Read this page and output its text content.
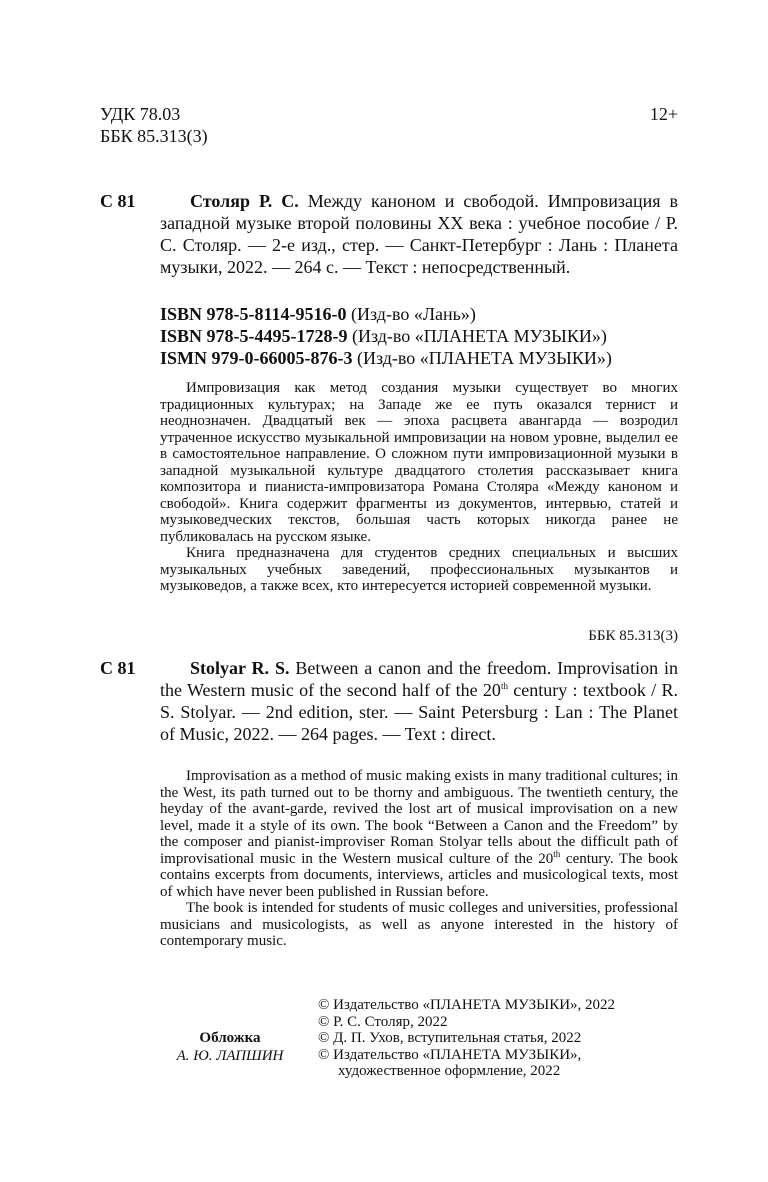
УДК 78.03
ББК 85.313(3)
12+
С 81	Столяр Р. С. Между каноном и свободой. Импровизация в западной музыке второй половины XX века : учебное пособие / Р. С. Столяр. — 2-е изд., стер. — Санкт-Петербург : Лань : Планета музыки, 2022. — 264 с. — Текст : непосредственный.
ISBN 978-5-8114-9516-0 (Изд-во «Лань»)
ISBN 978-5-4495-1728-9 (Изд-во «ПЛАНЕТА МУЗЫКИ»)
ISMN 979-0-66005-876-3 (Изд-во «ПЛАНЕТА МУЗЫКИ»)
Импровизация как метод создания музыки существует во многих традиционных культурах; на Западе же ее путь оказался тернист и неоднозначен. Двадцатый век — эпоха расцвета авангарда — возродил утраченное искусство музыкальной импровизации на новом уровне, выделил ее в самостоятельное направление. О сложном пути импровизационной музыки в западной музыкальной культуре двадцатого столетия рассказывает книга композитора и пианиста-импровизатора Романа Столяра «Между каноном и свободой». Книга содержит фрагменты из документов, интервью, статей и музыковедческих текстов, большая часть которых никогда ранее не публиковалась на русском языке.
Книга предназначена для студентов средних специальных и высших музыкальных учебных заведений, профессиональных музыкантов и музыковедов, а также всех, кто интересуется историей современной музыки.
ББК 85.313(3)
С 81	Stolyar R. S. Between a canon and the freedom. Improvisation in the Western music of the second half of the 20th century : textbook / R. S. Stolyar. — 2nd edition, ster. — Saint Petersburg : Lan : The Planet of Music, 2022. — 264 pages. — Text : direct.
Improvisation as a method of music making exists in many traditional cultures; in the West, its path turned out to be thorny and ambiguous. The twentieth century, the heyday of the avant-garde, revived the lost art of musical improvisation on a new level, made it a style of its own. The book “Between a Canon and the Freedom” by the composer and pianist-improviser Roman Stolyar tells about the difficult path of improvisational music in the Western musical culture of the 20th century. The book contains excerpts from documents, interviews, articles and musicological texts, most of which have never been published in Russian before.
The book is intended for students of music colleges and universities, professional musicians and musicologists, as well as anyone interested in the history of contemporary music.
Обложка
А. Ю. ЛАПШИН
© Издательство «ПЛАНЕТА МУЗЫКИ», 2022
© Р. С. Столяр, 2022
© Д. П. Ухов, вступительная статья, 2022
© Издательство «ПЛАНЕТА МУЗЫКИ», художественное оформление, 2022
